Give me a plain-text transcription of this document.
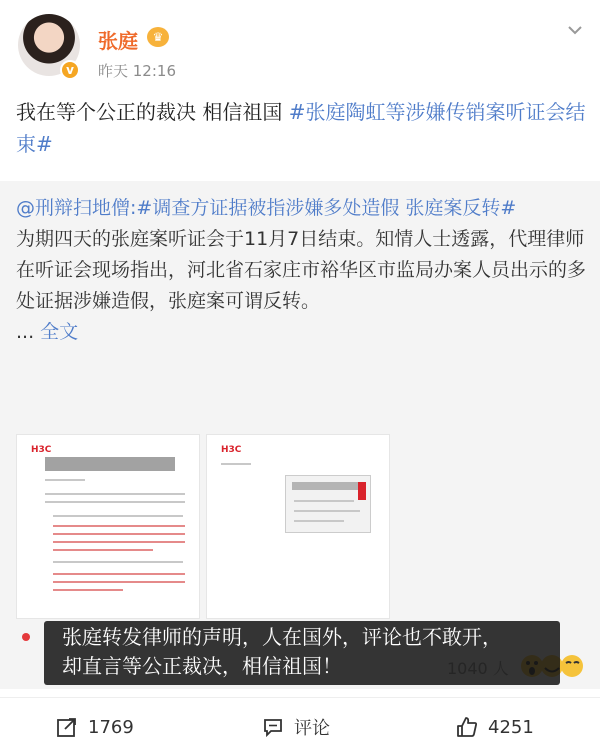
v
张庭	♛
昨天 12:16
我在等个公正的裁决 相信祖国 #张庭陶虹等涉嫌传销案听证会结束#
@刑辩扫地僧:#调查方证据被指涉嫌多处造假 张庭案反转#
为期四天的张庭案听证会于11月7日结束。知情人士透露，代理律师在听证会现场指出，河北省石家庄市裕华区市监局办案人员出示的多处证据涉嫌造假，张庭案可谓反转。
... 全文
H3C	H3C
张庭转发律师的声明，人在国外，评论也不敢开，
却直言等公正裁决，相信祖国！
1769	评论	4251
